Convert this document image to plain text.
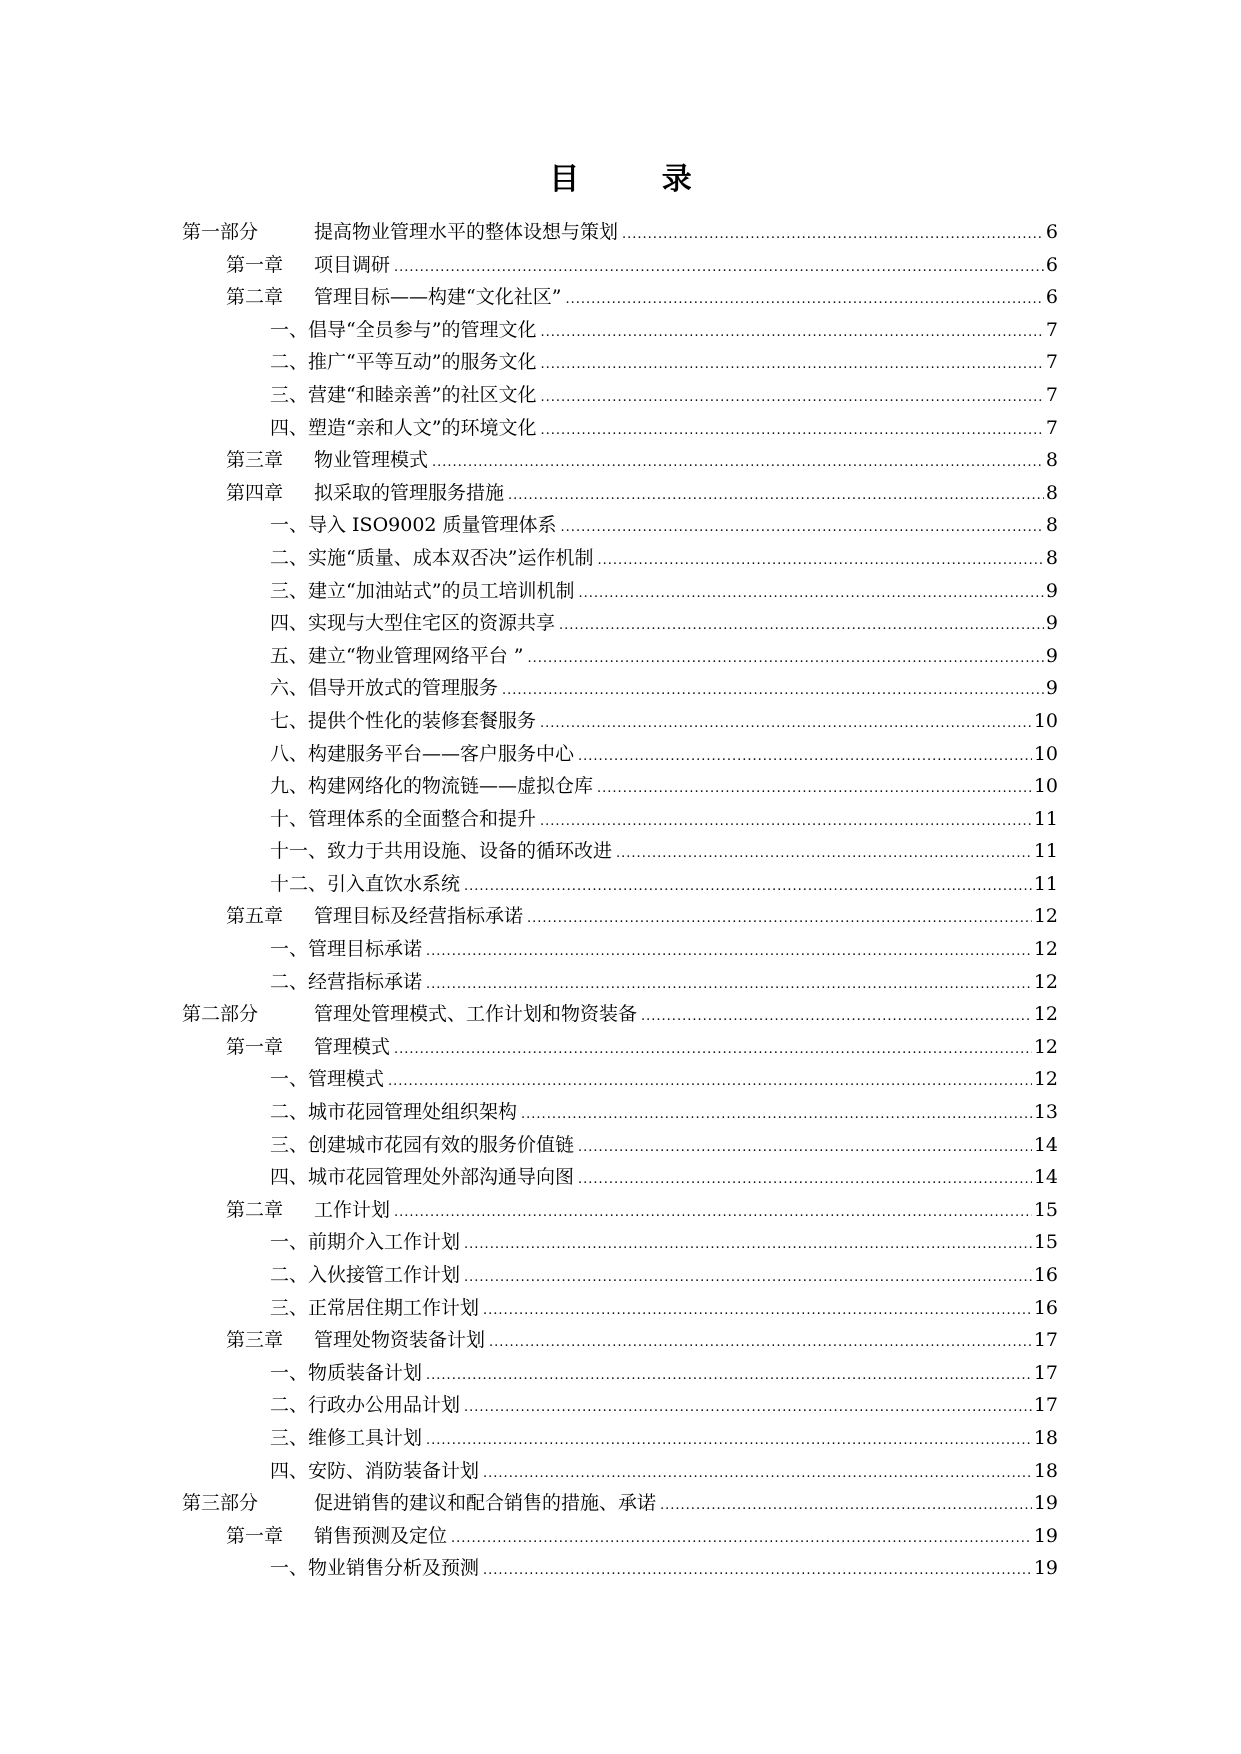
目 录
第一部分	提高物业管理水平的整体设想与策划 .....	6
第一章	项目调研 .....	6
第二章	管理目标——构建“文化社区” .....	6
一、 倡导“全员参与”的管理文化 .....	7
二、 推广“平等互动”的服务文化 .....	7
三、 营建“和睦亲善”的社区文化 .....	7
四、 塑造“亲和人文”的环境文化 .....	7
第三章	物业管理模式 .....	8
第四章	拟采取的管理服务措施 .....	8
一、 导入 ISO9002 质量管理体系 .....	8
二、 实施“质量、成本双否决”运作机制 .....	8
三、 建立“加油站式”的员工培训机制 .....	9
四、 实现与大型住宅区的资源共享 .....	9
五、 建立“物业管理网络平台 ” .....	9
六、 倡导开放式的管理服务 .....	9
七、 提供个性化的装修套餐服务 .....	10
八、 构建服务平台——客户服务中心 .....	10
九、 构建网络化的物流链——虚拟仓库 .....	10
十、 管理体系的全面整合和提升 .....	11
十一、 致力于共用设施、设备的循环改进 .....	11
十二、 引入直饮水系统 .....	11
第五章	管理目标及经营指标承诺 .....	12
一、 管理目标承诺 .....	12
二、 经营指标承诺 .....	12
第二部分	管理处管理模式、工作计划和物资装备 .....	12
第一章	管理模式 .....	12
一、 管理模式 .....	12
二、 城市花园管理处组织架构 .....	13
三、 创建城市花园有效的服务价值链 .....	14
四、 城市花园管理处外部沟通导向图 .....	14
第二章	工作计划 .....	15
一、 前期介入工作计划 .....	15
二、 入伙接管工作计划 .....	16
三、 正常居住期工作计划 .....	16
第三章	管理处物资装备计划 .....	17
一、 物质装备计划 .....	17
二、 行政办公用品计划 .....	17
三、 维修工具计划 .....	18
四、 安防、消防装备计划 .....	18
第三部分	促进销售的建议和配合销售的措施、承诺 .....	19
第一章	销售预测及定位 .....	19
一、 物业销售分析及预测 .....	19
